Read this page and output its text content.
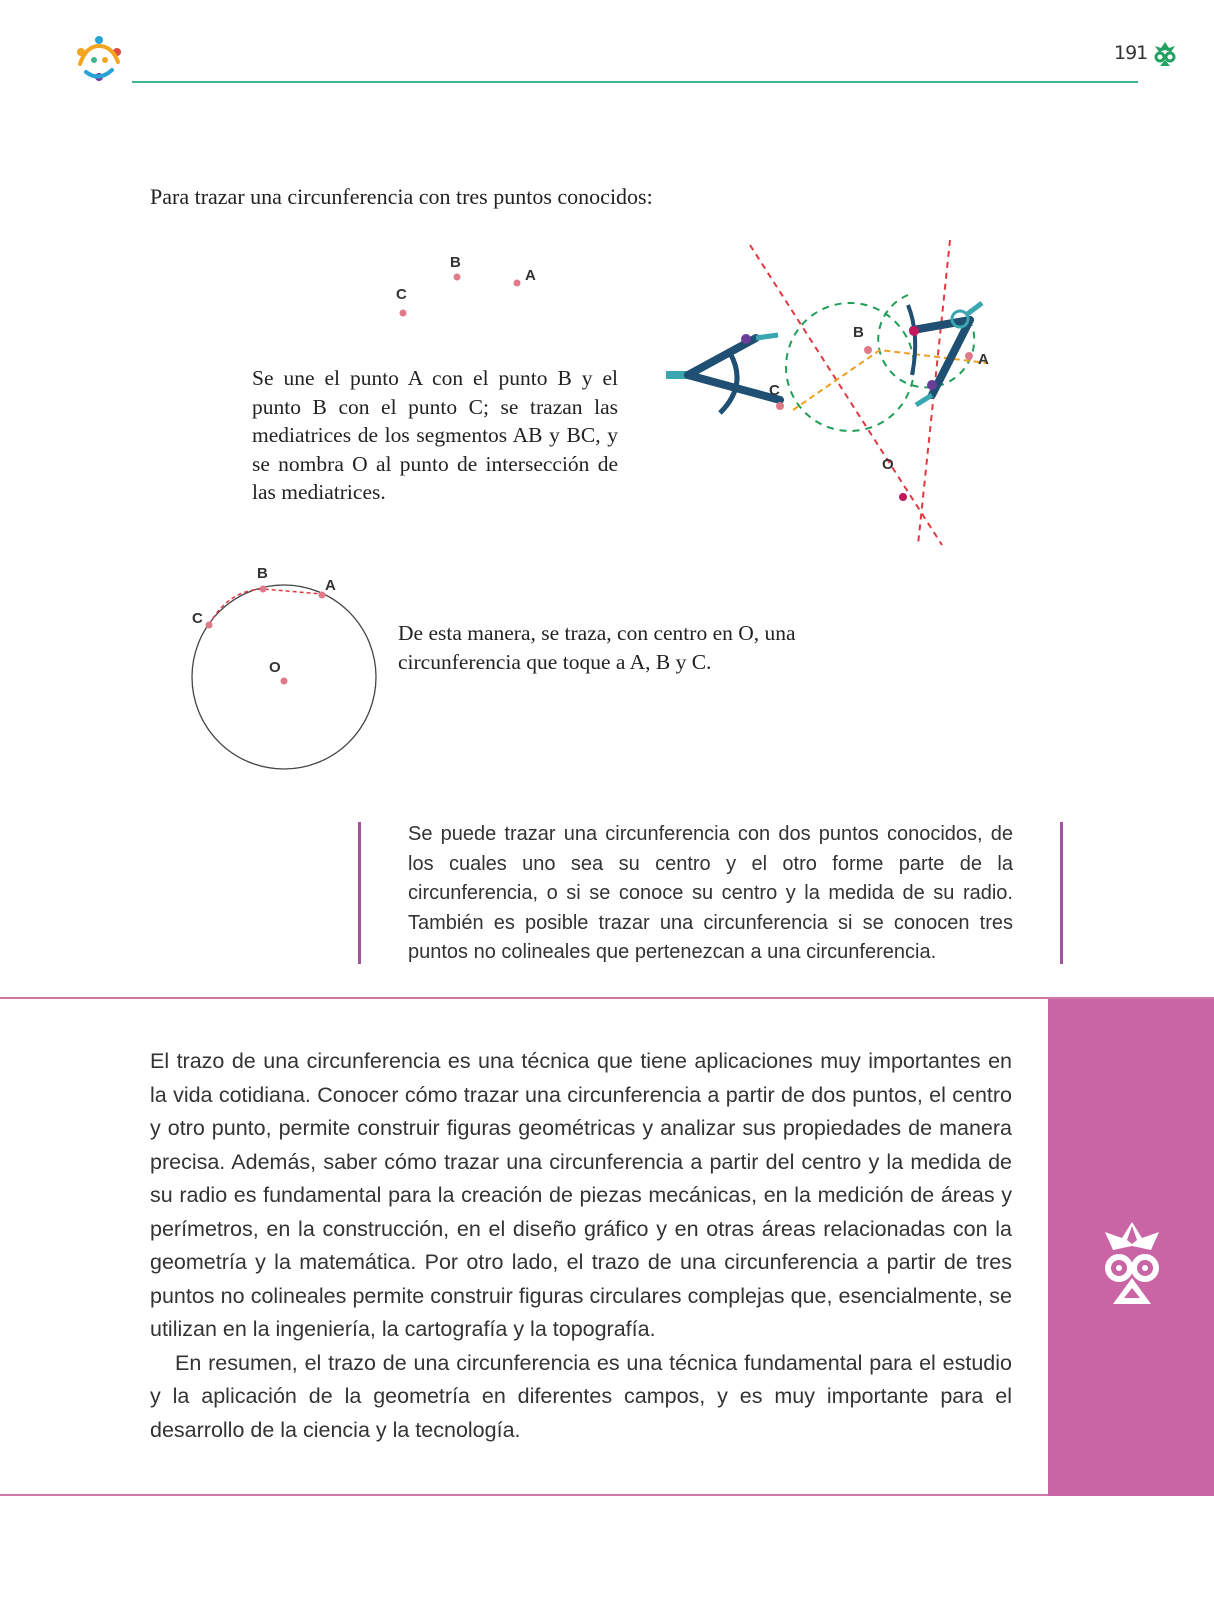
191
Para trazar una circunferencia con tres puntos conocidos:
B
A
C
Se une el punto A con el punto B y el punto B con el punto C; se trazan las mediatrices de los segmentos AB y BC, y se nombra O al punto de intersección de las mediatrices.
B
A
C
O
B
A
C
O
De esta manera, se traza, con centro en O, una circunferencia que toque a A, B y C.
Se puede trazar una circunferencia con dos puntos conocidos, de los cuales uno sea su centro y el otro forme parte de la circunferencia, o si se conoce su centro y la medida de su radio. También es posible trazar una circunferencia si se conocen tres puntos no colineales que pertenezcan a una circunferencia.

El trazo de una circunferencia es una técnica que tiene aplicaciones muy importantes en la vida cotidiana. Conocer cómo trazar una circunferencia a partir de dos puntos, el centro y otro punto, permite construir figuras geométricas y analizar sus propiedades de manera precisa. Además, saber cómo trazar una circunferencia a partir del centro y la medida de su radio es fundamental para la creación de piezas mecánicas, en la medición de áreas y perímetros, en la construcción, en el diseño gráfico y en otras áreas relacionadas con la geometría y la matemática. Por otro lado, el trazo de una circunferencia a partir de tres puntos no colineales permite construir figuras circulares complejas que, esencialmente, se utilizan en la ingeniería, la cartografía y la topografía.

En resumen, el trazo de una circunferencia es una técnica fundamental para el estudio y la aplicación de la geometría en diferentes campos, y es muy importante para el desarrollo de la ciencia y la tecnología.
